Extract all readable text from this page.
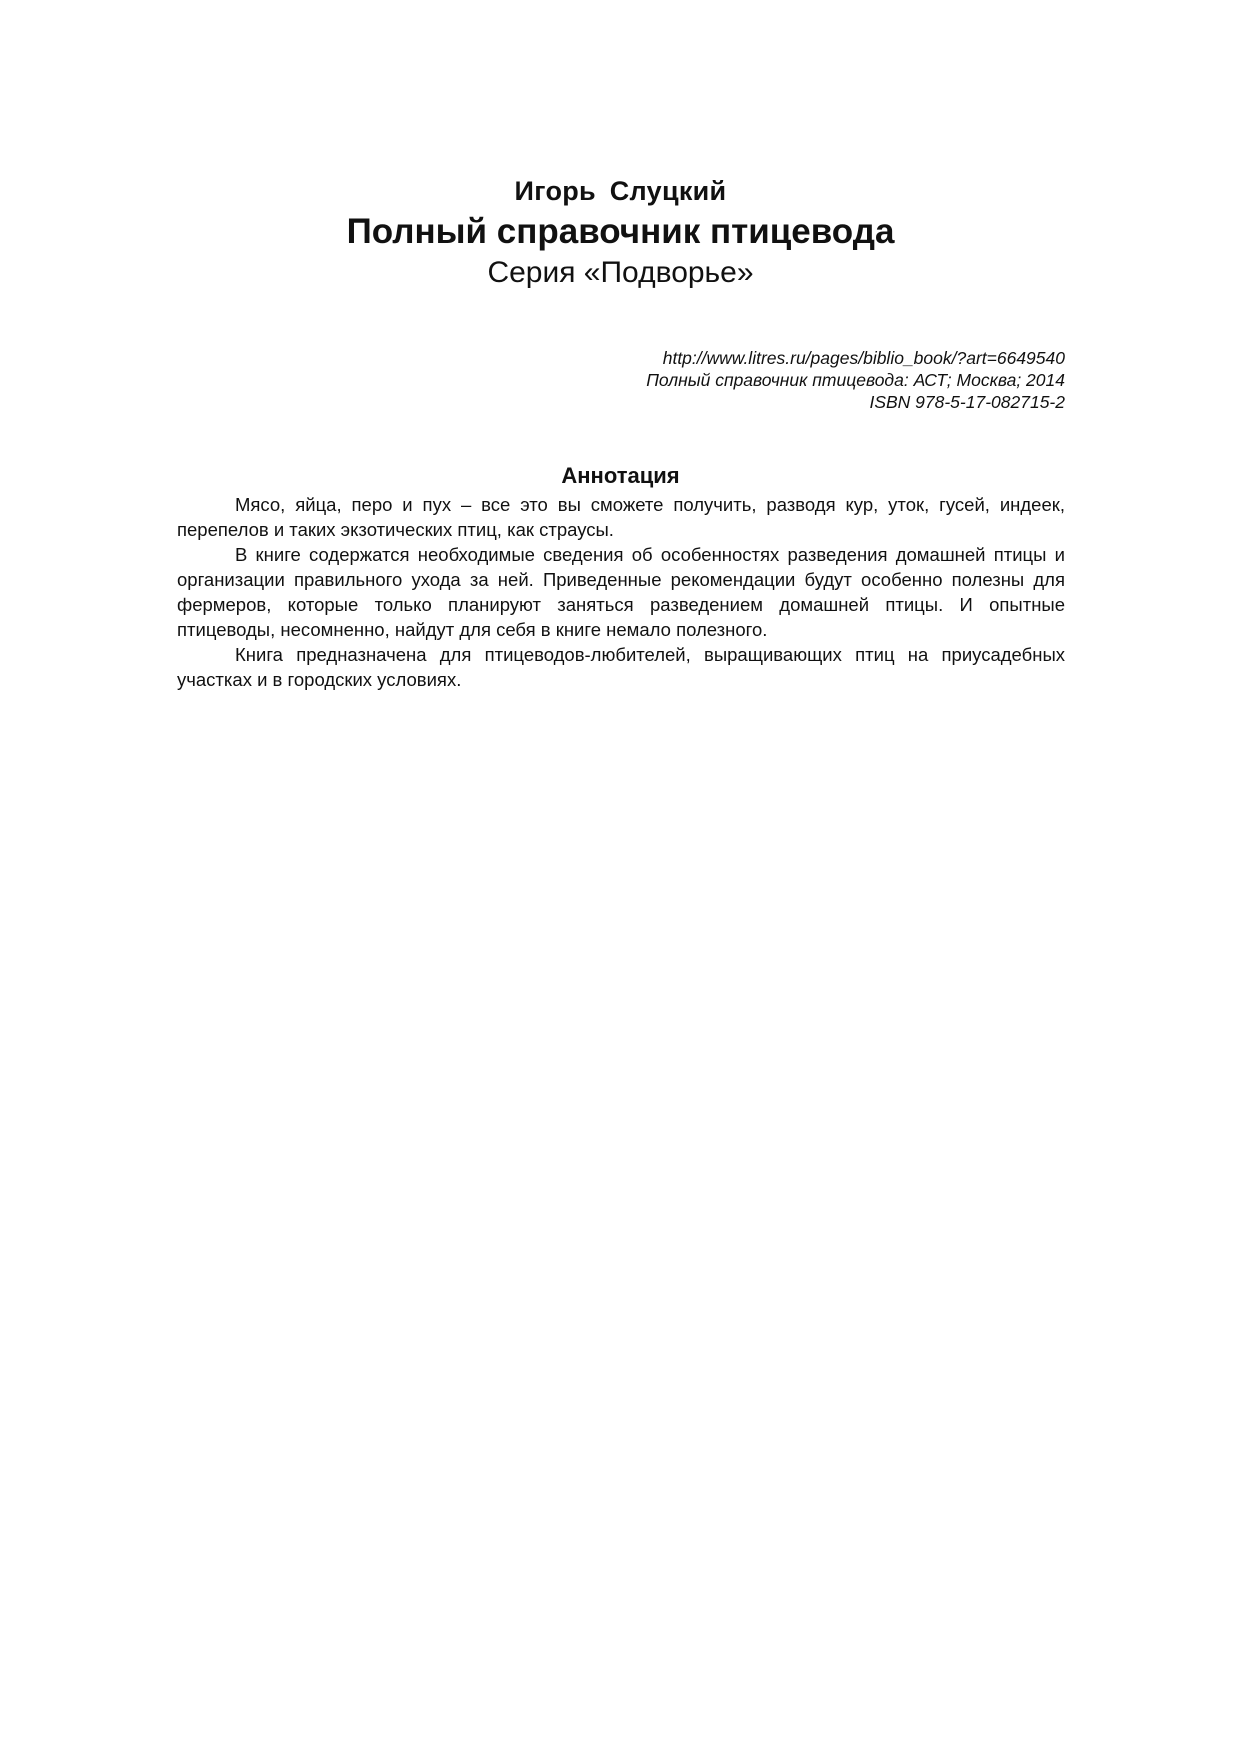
Игорь Слуцкий
Полный справочник птицевода
Серия «Подворье»
http://www.litres.ru/pages/biblio_book/?art=6649540
Полный справочник птицевода: АСТ; Москва; 2014
ISBN 978-5-17-082715-2
Аннотация

Мясо, яйца, перо и пух – все это вы сможете получить, разводя кур, уток, гусей, индеек, перепелов и таких экзотических птиц, как страусы.

В книге содержатся необходимые сведения об особенностях разведения домашней птицы и организации правильного ухода за ней. Приведенные рекомендации будут особенно полезны для фермеров, которые только планируют заняться разведением домашней птицы. И опытные птицеводы, несомненно, найдут для себя в книге немало полезного.

Книга предназначена для птицеводов-любителей, выращивающих птиц на приусадебных участках и в городских условиях.
